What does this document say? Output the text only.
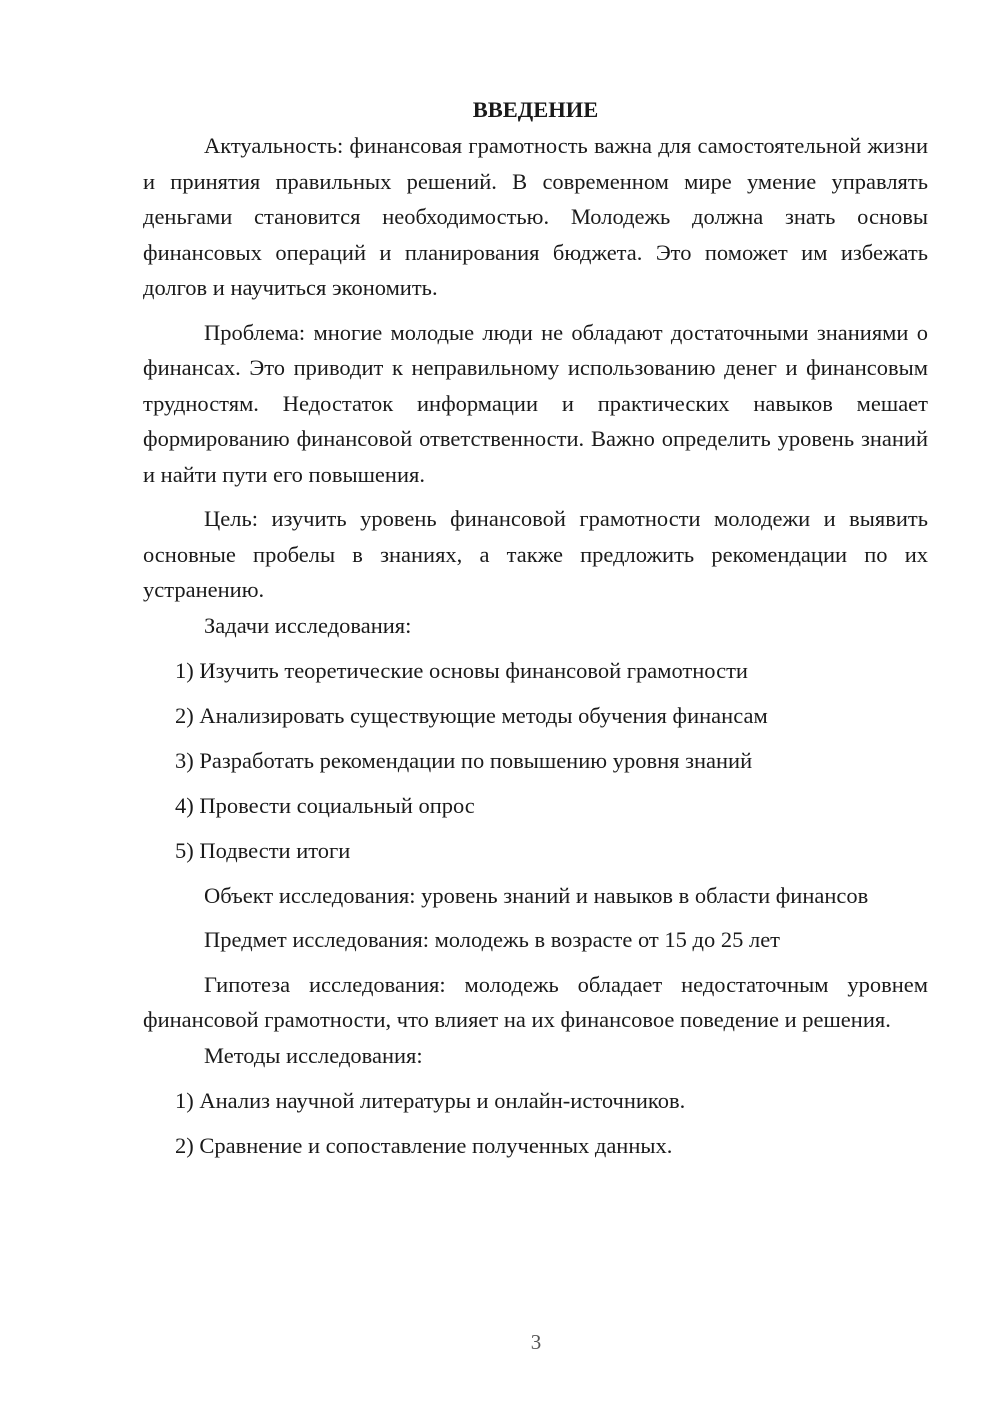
ВВЕДЕНИЕ

Актуальность: финансовая грамотность важна для самостоятельной жизни и принятия правильных решений. В современном мире умение управлять деньгами становится необходимостью. Молодежь должна знать основы финансовых операций и планирования бюджета. Это поможет им избежать долгов и научиться экономить.

Проблема: многие молодые люди не обладают достаточными знаниями о финансах. Это приводит к неправильному использованию денег и финансовым трудностям. Недостаток информации и практических навыков мешает формированию финансовой ответственности. Важно определить уровень знаний и найти пути его повышения.

Цель: изучить уровень финансовой грамотности молодежи и выявить основные пробелы в знаниях, а также предложить рекомендации по их устранению.

Задачи исследования:

1) Изучить теоретические основы финансовой грамотности

2) Анализировать существующие методы обучения финансам

3) Разработать рекомендации по повышению уровня знаний

4) Провести социальный опрос

5) Подвести итоги

Объект исследования: уровень знаний и навыков в области финансов

Предмет исследования: молодежь в возрасте от 15 до 25 лет

Гипотеза исследования: молодежь обладает недостаточным уровнем финансовой грамотности, что влияет на их финансовое поведение и решения.

Методы исследования:

1) Анализ научной литературы и онлайн-источников.

2) Сравнение и сопоставление полученных данных.

3
